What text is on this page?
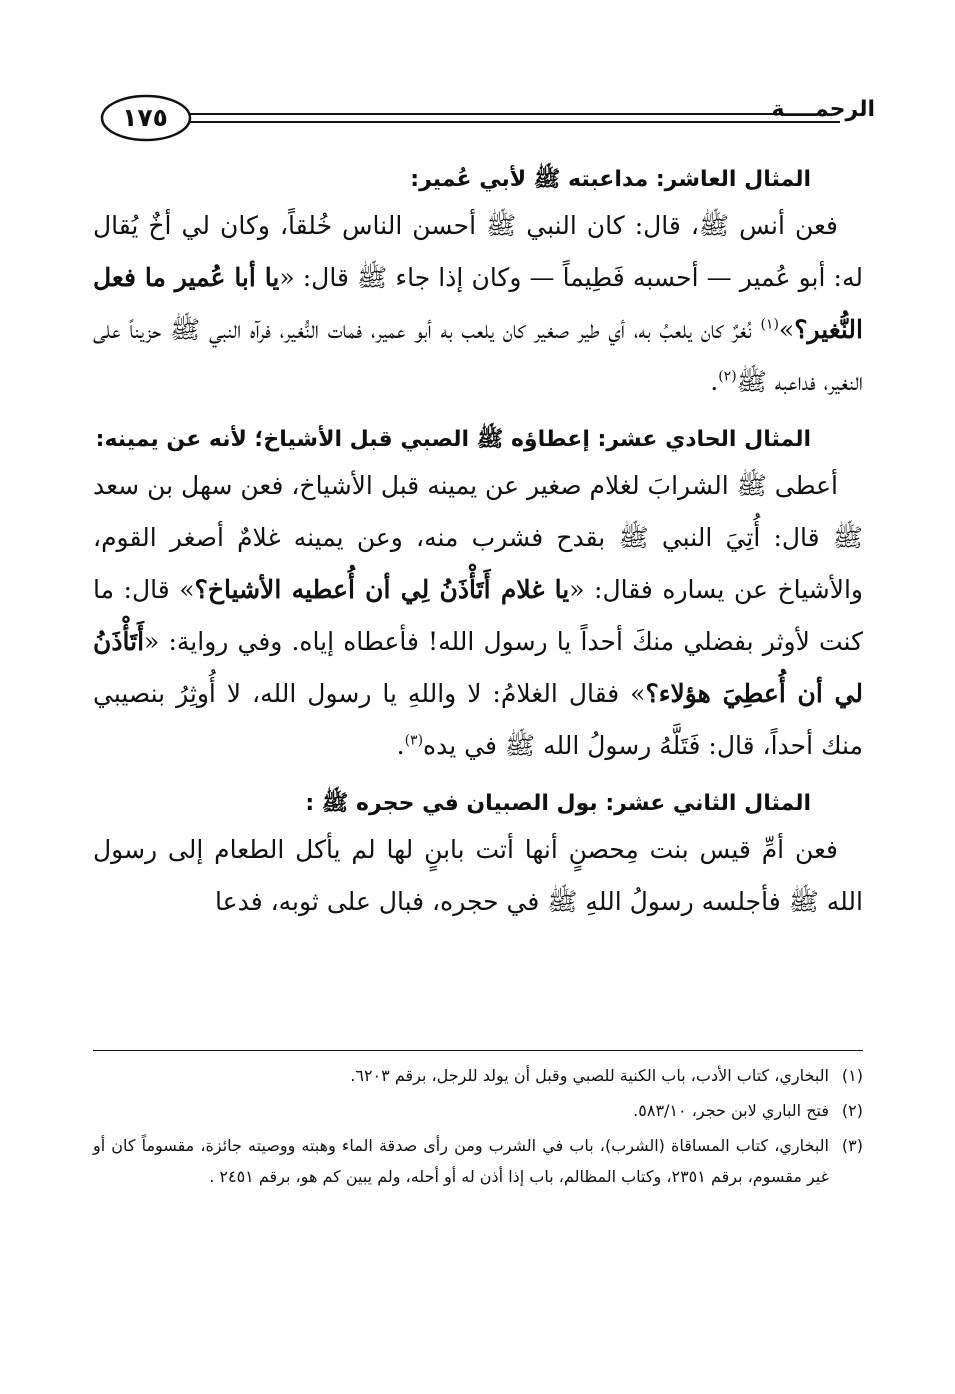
١٧٥	الرحمــــة
المثال العاشر: مداعبته ﷺ لأبي عُمير:

فعن أنس ﷺ، قال: كان النبي ﷺ أحسن الناس خُلقاً، وكان لي أخٌ يُقال له: أبو عُمير — أحسبه فَطِيماً — وكان إذا جاء ﷺ قال: «يا أبا عُمير ما فعل النُّغير؟»$^{(١)}$ نُغرٌ كان يلعبُ به، أي طير صغير كان يلعب به أبو عمير، فمات النُّغير، فرآه النبي ﷺ حزيناً على النغير، فداعبه ﷺ$^{(٢)}$.

المثال الحادي عشر: إعطاؤه ﷺ الصبي قبل الأشياخ؛ لأنه عن يمينه:

أعطى ﷺ الشرابَ لغلام صغير عن يمينه قبل الأشياخ، فعن سهل بن سعد ﷺ قال: أُتِيَ النبي ﷺ بقدح فشرب منه، وعن يمينه غلامٌ أصغر القوم، والأشياخ عن يساره فقال: «يا غلام أَتَأْذَنُ لِي أن أُعطيه الأشياخ؟» قال: ما كنت لأوثر بفضلي منكَ أحداً يا رسول الله! فأعطاه إياه. وفي رواية: «أَتَأْذَنُ لي أن أُعطِيَ هؤلاء؟» فقال الغلامُ: لا واللهِ يا رسول الله، لا أُوثِرُ بنصيبي منك أحداً، قال: فَتَلَّهُ رسولُ الله ﷺ في يده$^{(٣)}$.

المثال الثاني عشر: بول الصبيان في حجره ﷺ :

فعن أمِّ قيس بنت مِحصنٍ أنها أتت بابنٍ لها لم يأكل الطعام إلى رسول الله ﷺ فأجلسه رسولُ اللهِ ﷺ في حجره، فبال على ثوبه، فدعا

(١)
البخاري، كتاب الأدب، باب الكنية للصبي وقبل أن يولد للرجل، برقم ٦٢٠٣.
(٢)
فتح الباري لابن حجر، ٥٨٣/١٠.
(٣)
البخاري، كتاب المساقاة (الشرب)، باب في الشرب ومن رأى صدقة الماء وهبته ووصيته جائزة، مقسوماً كان أو غير مقسوم، برقم ٢٣٥١، وكتاب المظالم، باب إذا أذن له أو أحله، ولم يبين كم هو، برقم ٢٤٥١ .
